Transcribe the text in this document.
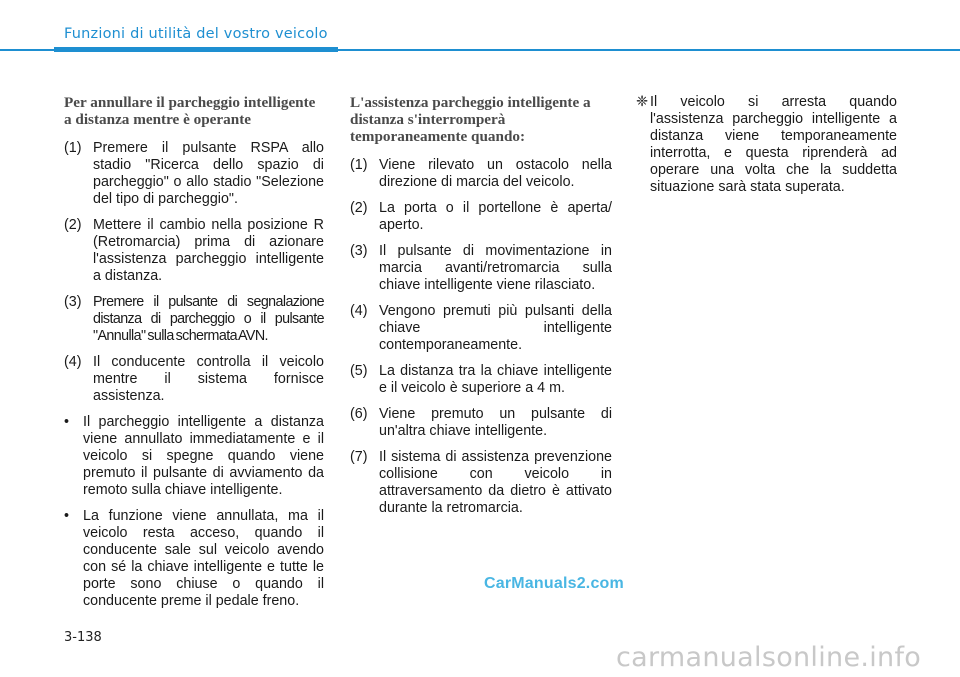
Funzioni di utilità del vostro veicolo
Per annullare il parcheggio intelligente a distanza mentre è operante
(1) Premere il pulsante RSPA allo stadio "Ricerca dello spazio di parcheggio" o allo stadio "Selezione del tipo di parcheggio".
(2) Mettere il cambio nella posizione R (Retromarcia) prima di azionare l'assistenza parcheggio intelligente a distanza.
(3) Premere il pulsante di segnalazione distanza di parcheggio o il pulsante "Annulla" sulla schermata AVN.
(4) Il conducente controlla il veicolo mentre il sistema fornisce assistenza.
• Il parcheggio intelligente a distanza viene annullato immediatamente e il veicolo si spegne quando viene premuto il pulsante di avviamento da remoto sulla chiave intelligente.
• La funzione viene annullata, ma il veicolo resta acceso, quando il conducente sale sul veicolo avendo con sé la chiave intelligente e tutte le porte sono chiuse o quando il conducente preme il pedale freno.
L'assistenza parcheggio intelligente a distanza s'interromperà temporaneamente quando:
(1) Viene rilevato un ostacolo nella direzione di marcia del veicolo.
(2) La porta o il portellone è aperta/ aperto.
(3) Il pulsante di movimentazione in marcia avanti/retromarcia sulla chiave intelligente viene rilasciato.
(4) Vengono premuti più pulsanti della chiave intelligente contemporaneamente.
(5) La distanza tra la chiave intelligente e il veicolo è superiore a 4 m.
(6) Viene premuto un pulsante di un'altra chiave intelligente.
(7) Il sistema di assistenza prevenzione collisione con veicolo in attraversamento da dietro è attivato durante la retromarcia.
❈ Il veicolo si arresta quando l'assistenza parcheggio intelligente a distanza viene temporaneamente interrotta, e questa riprenderà ad operare una volta che la suddetta situazione sarà stata superata.
CarManuals2.com
3-138
carmanualsonline.info
